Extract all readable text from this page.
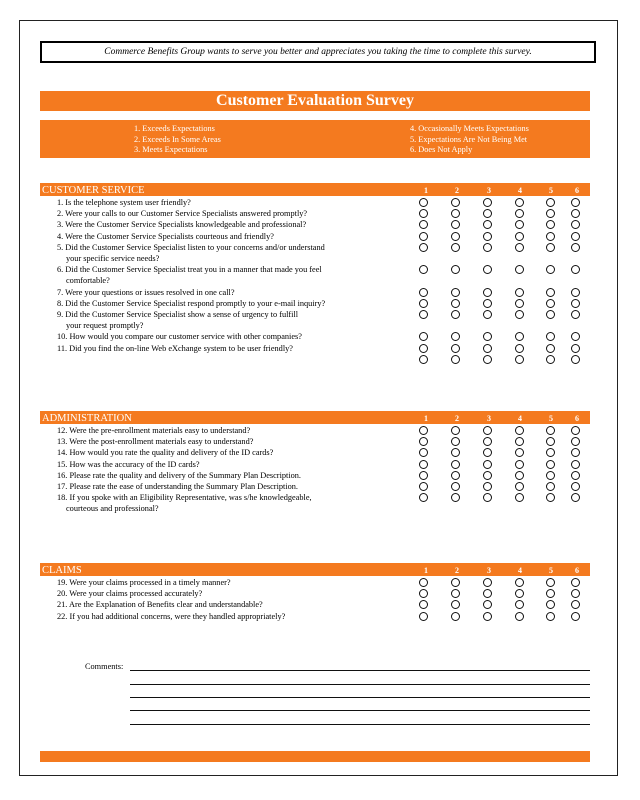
Commerce Benefits Group wants to serve you better and appreciates you taking the time to complete this survey.
Customer Evaluation Survey
1. Exceeds Expectations
2. Exceeds In Some Areas
3. Meets Expectations
4. Occasionally Meets Expectations
5. Expectations Are Not Being Met
6. Does Not Apply
CUSTOMER SERVICE	1	2	3	4	5	6
1. Is the telephone system user friendly?
2. Were your calls to our Customer Service Specialists answered promptly?
3. Were the Customer Service Specialists knowledgeable and professional?
4. Were the Customer Service Specialists courteous and friendly?
5. Did the Customer Service Specialist listen to your concerns and/or understand
your specific service needs?
6. Did the Customer Service Specialist treat you in a manner that made you feel
comfortable?
7. Were your questions or issues resolved in one call?
8. Did the Customer Service Specialist respond promptly to your e-mail inquiry?
9. Did the Customer Service Specialist show a sense of urgency to fulfill
your request promptly?
10. How would you compare our customer service with other companies?
11. Did you find the on-line Web eXchange system to be user friendly?
ADMINISTRATION	1	2	3	4	5	6
12. Were the pre-enrollment materials easy to understand?
13. Were the post-enrollment materials easy to understand?
14. How would you rate the quality and delivery of the ID cards?
15. How was the accuracy of the ID cards?
16. Please rate the quality and delivery of the Summary Plan Description.
17. Please rate the ease of understanding the Summary Plan Description.
18. If you spoke with an Eligibility Representative, was s/he knowledgeable,
courteous and professional?
CLAIMS	1	2	3	4	5	6
19. Were your claims processed in a timely manner?
20. Were your claims processed accurately?
21. Are the Explanation of Benefits clear and understandable?
22. If you had additional concerns, were they handled appropriately?
Comments:
